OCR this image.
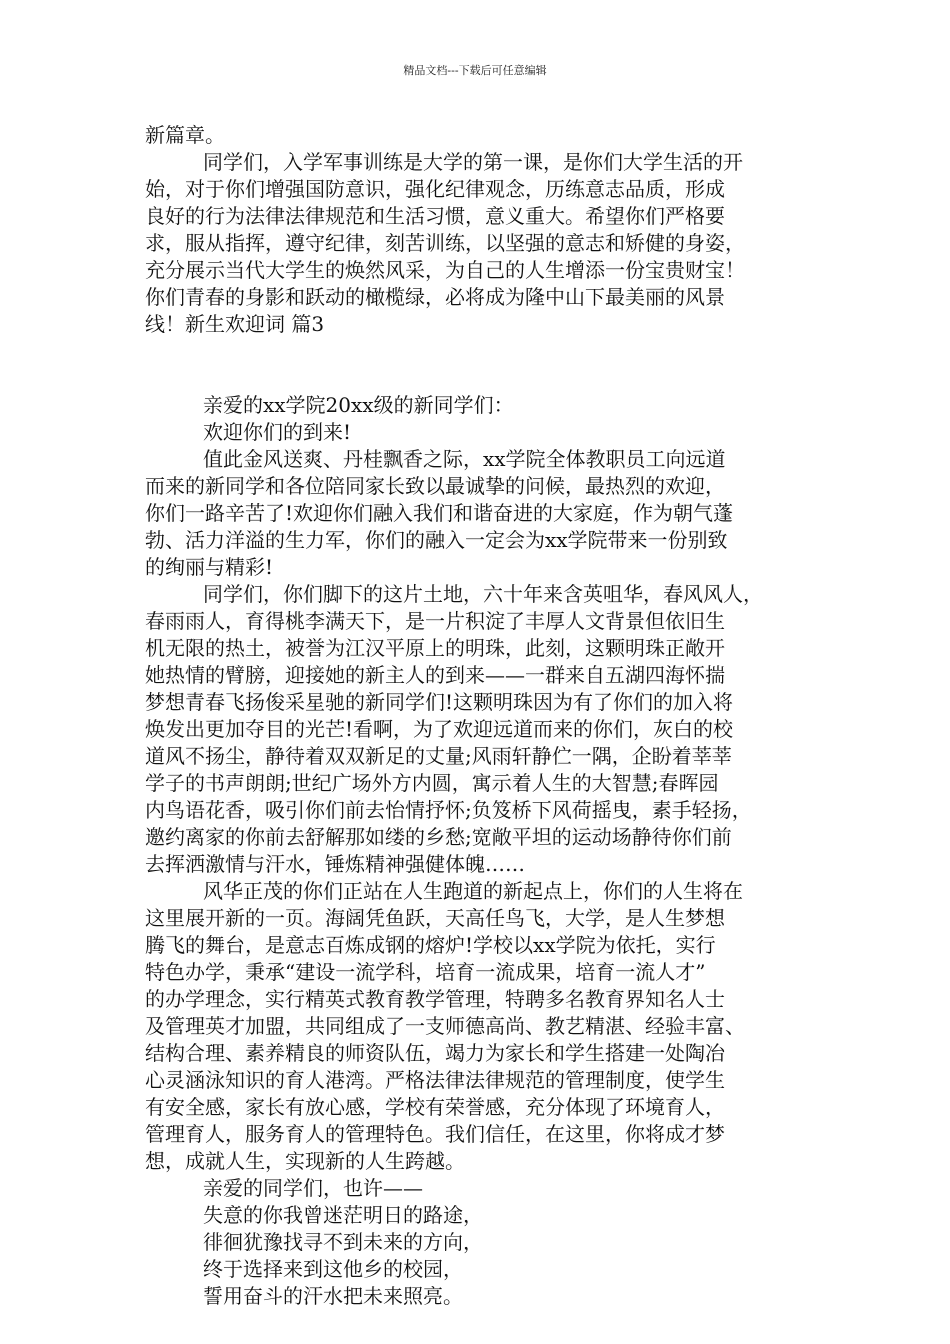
精品文档---下载后可任意编辑
新篇章。
同学们，入学军事训练是大学的第一课，是你们大学生活的开
始，对于你们增强国防意识，强化纪律观念，历练意志品质，形成
良好的行为法律法律规范和生活习惯，意义重大。希望你们严格要
求，服从指挥，遵守纪律，刻苦训练，以坚强的意志和矫健的身姿，
充分展示当代大学生的焕然风采，为自己的人生增添一份宝贵财宝！
你们青春的身影和跃动的橄榄绿，必将成为隆中山下最美丽的风景
线！新生欢迎词 篇3
亲爱的xx学院20xx级的新同学们：
欢迎你们的到来!
值此金风送爽、丹桂飘香之际，xx学院全体教职员工向远道
而来的新同学和各位陪同家长致以最诚挚的问候，最热烈的欢迎，
你们一路辛苦了!欢迎你们融入我们和谐奋进的大家庭，作为朝气蓬
勃、活力洋溢的生力军，你们的融入一定会为xx学院带来一份别致
的绚丽与精彩!
同学们，你们脚下的这片土地，六十年来含英咀华，春风风人，
春雨雨人，育得桃李满天下，是一片积淀了丰厚人文背景但依旧生
机无限的热土，被誉为江汉平原上的明珠，此刻，这颗明珠正敞开
她热情的臂膀，迎接她的新主人的到来——一群来自五湖四海怀揣
梦想青春飞扬俊采星驰的新同学们!这颗明珠因为有了你们的加入将
焕发出更加夺目的光芒!看啊，为了欢迎远道而来的你们，灰白的校
道风不扬尘，静待着双双新足的丈量;风雨轩静伫一隅，企盼着莘莘
学子的书声朗朗;世纪广场外方内圆，寓示着人生的大智慧;春晖园
内鸟语花香，吸引你们前去怡情抒怀;负笈桥下风荷摇曳，素手轻扬，
邀约离家的你前去舒解那如缕的乡愁;宽敞平坦的运动场静待你们前
去挥洒激情与汗水，锤炼精神强健体魄……
风华正茂的你们正站在人生跑道的新起点上，你们的人生将在
这里展开新的一页。海阔凭鱼跃，天高任鸟飞，大学，是人生梦想
腾飞的舞台，是意志百炼成钢的熔炉!学校以xx学院为依托，实行
特色办学，秉承“建设一流学科，培育一流成果，培育一流人才”
的办学理念，实行精英式教育教学管理，特聘多名教育界知名人士
及管理英才加盟，共同组成了一支师德高尚、教艺精湛、经验丰富、
结构合理、素养精良的师资队伍，竭力为家长和学生搭建一处陶冶
心灵涵泳知识的育人港湾。严格法律法律规范的管理制度，使学生
有安全感，家长有放心感，学校有荣誉感，充分体现了环境育人，
管理育人，服务育人的管理特色。我们信任，在这里，你将成才梦
想，成就人生，实现新的人生跨越。
亲爱的同学们，也许——
失意的你我曾迷茫明日的路途，
徘徊犹豫找寻不到未来的方向，
终于选择来到这他乡的校园，
誓用奋斗的汗水把未来照亮。
